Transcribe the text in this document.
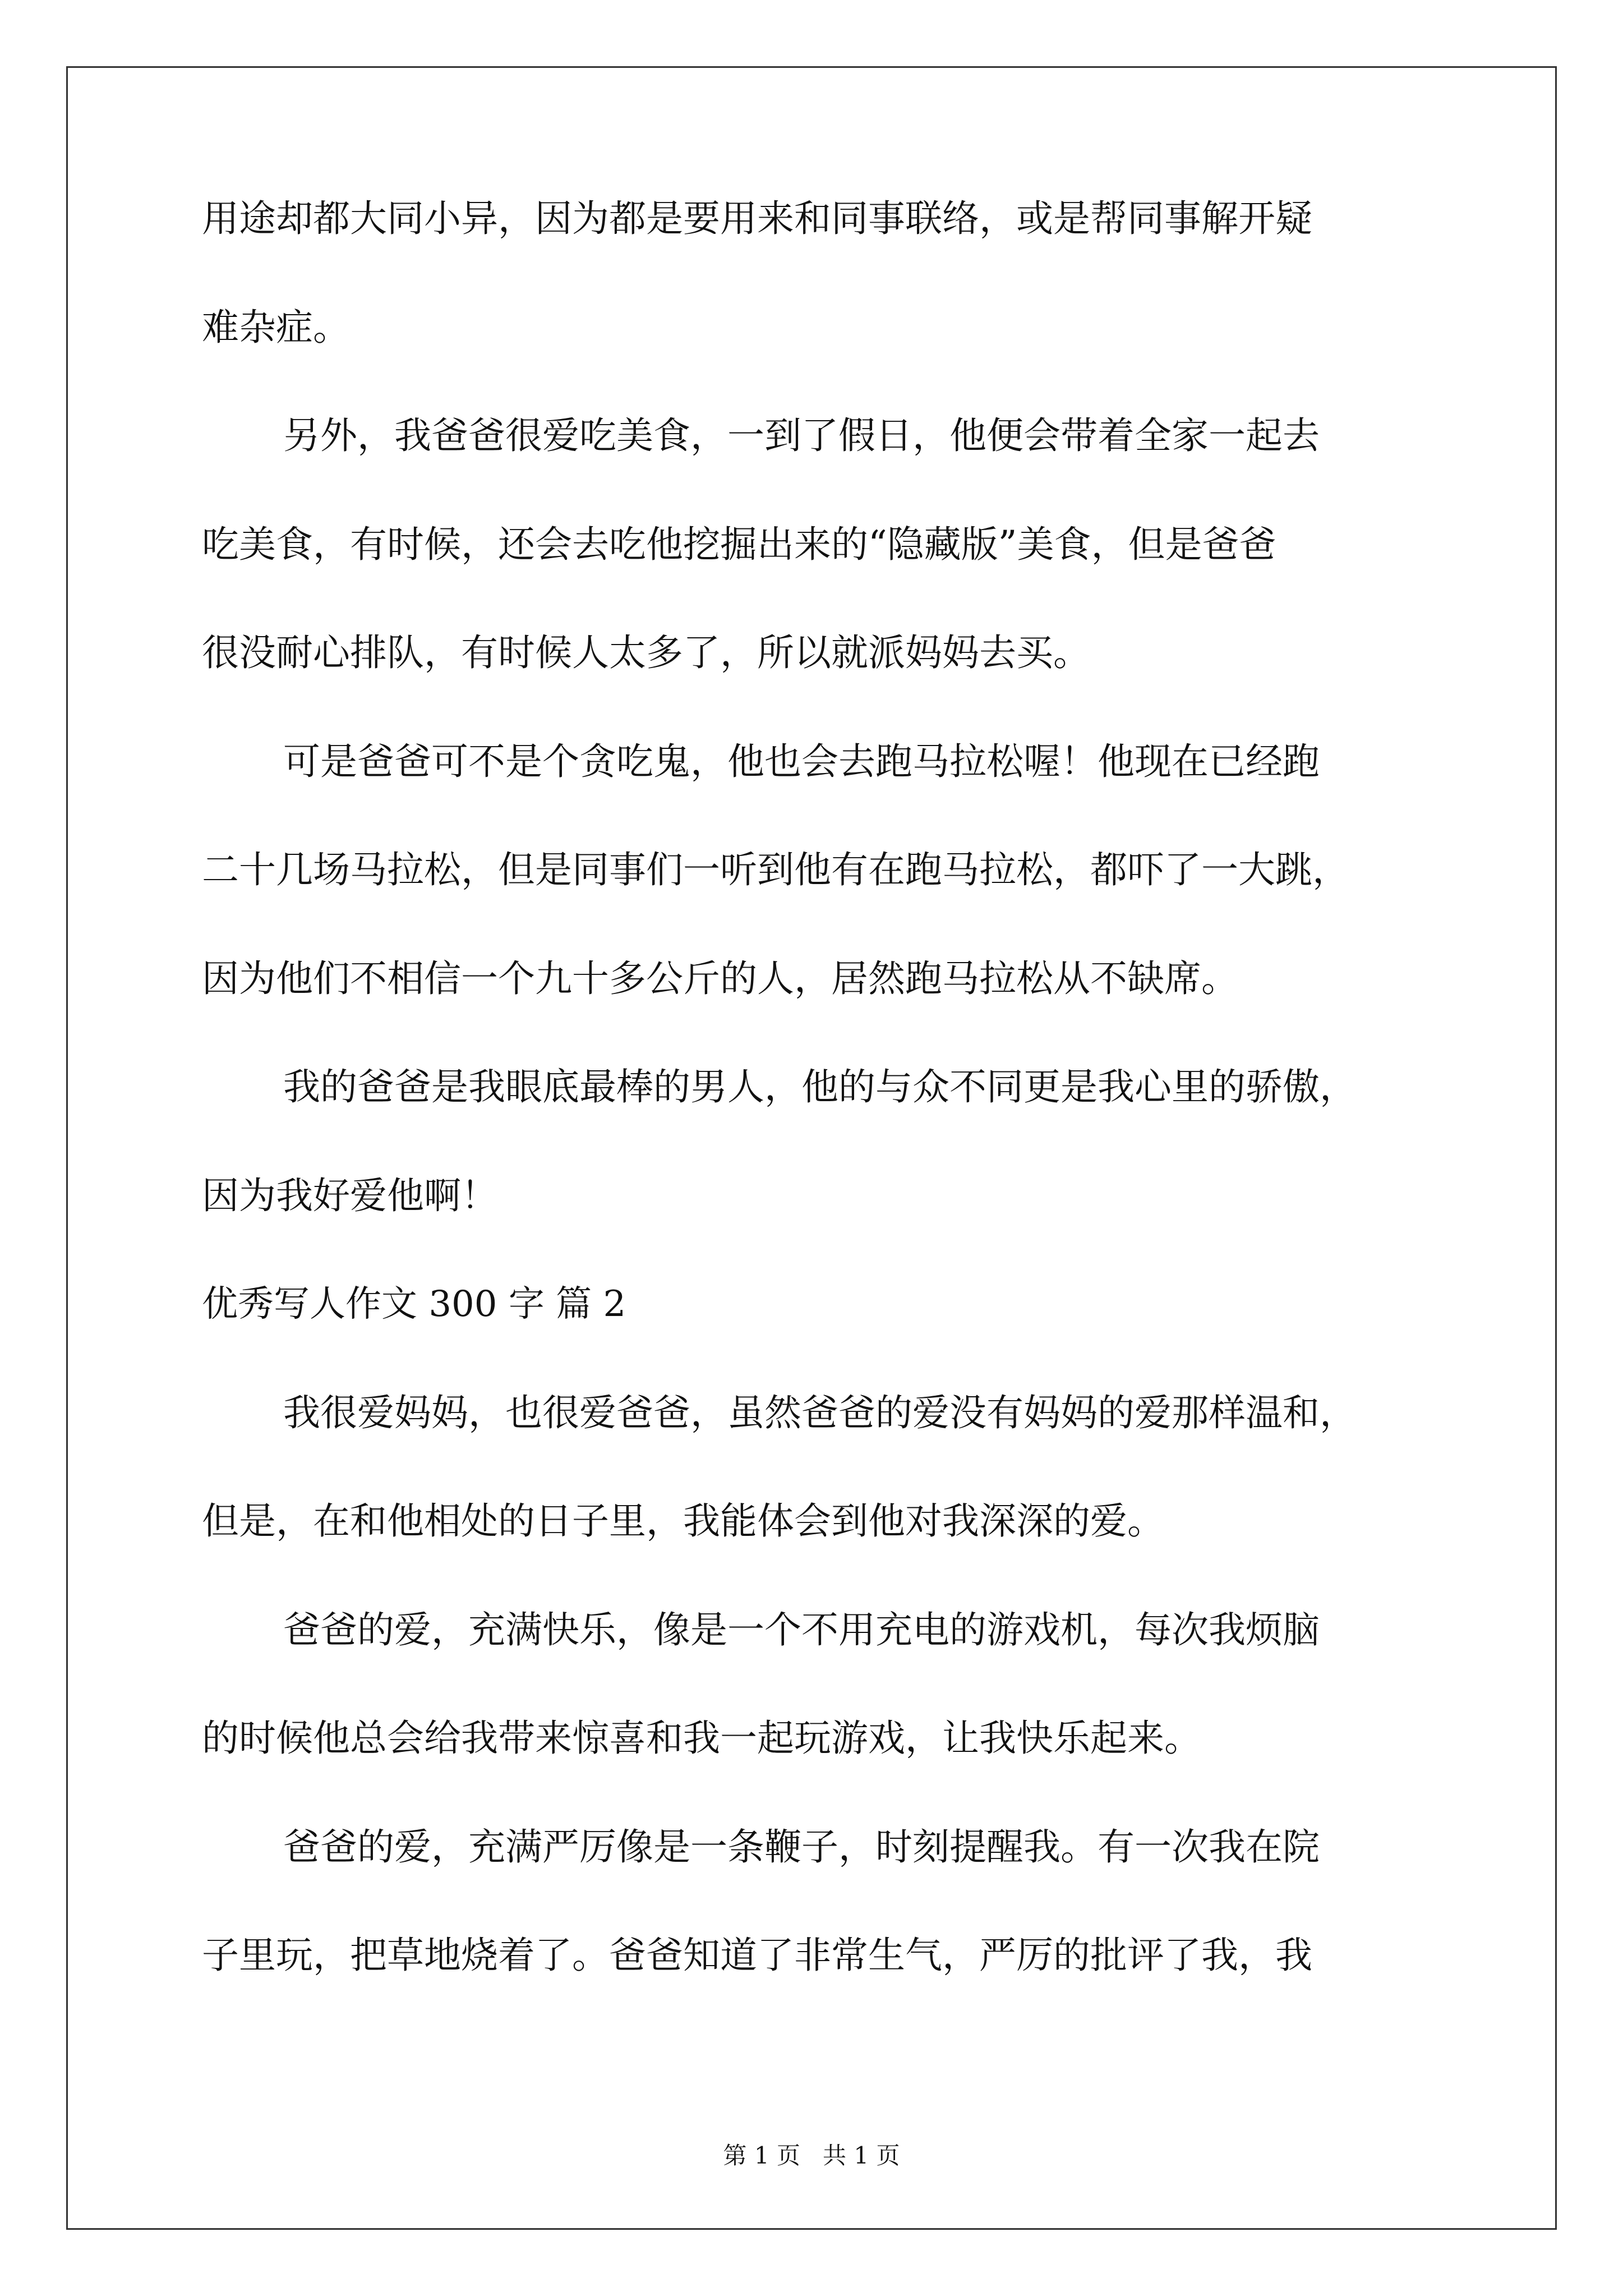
用途却都大同小异，因为都是要用来和同事联络，或是帮同事解开疑
难杂症。
另外，我爸爸很爱吃美食，一到了假日，他便会带着全家一起去
吃美食，有时候，还会去吃他挖掘出来的“隐藏版”美食，但是爸爸
很没耐心排队，有时候人太多了，所以就派妈妈去买。
可是爸爸可不是个贪吃鬼，他也会去跑马拉松喔！他现在已经跑
二十几场马拉松，但是同事们一听到他有在跑马拉松，都吓了一大跳，
因为他们不相信一个九十多公斤的人，居然跑马拉松从不缺席。
我的爸爸是我眼底最棒的男人，他的与众不同更是我心里的骄傲，
因为我好爱他啊！
优秀写人作文 300 字 篇 2
我很爱妈妈，也很爱爸爸，虽然爸爸的爱没有妈妈的爱那样温和，
但是，在和他相处的日子里，我能体会到他对我深深的爱。
爸爸的爱，充满快乐，像是一个不用充电的游戏机，每次我烦脑
的时候他总会给我带来惊喜和我一起玩游戏，让我快乐起来。
爸爸的爱，充满严厉像是一条鞭子，时刻提醒我。有一次我在院
子里玩，把草地烧着了。爸爸知道了非常生气，严厉的批评了我，我
第 1 页   共 1 页
